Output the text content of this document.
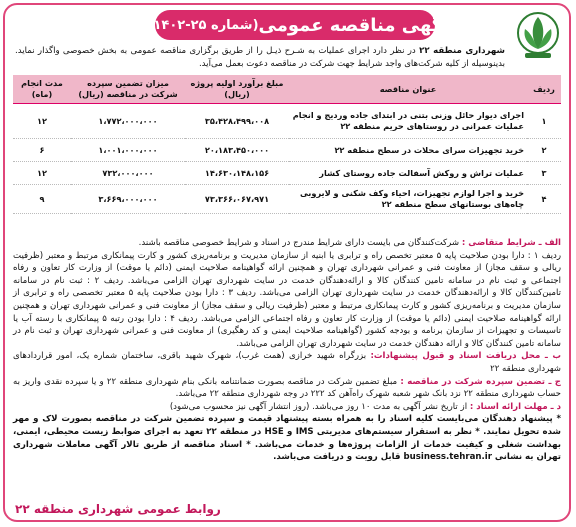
آگهی مناقصه عمومی
(شماره ۲۵-۱۴۰۲)
شهرداری منطقه ۲۲ در نظر دارد اجرای عملیات به شـرح ذیـل را از طریق برگزاری مناقصه عمومی به بخش خصوصی واگذار نماید. بدینوسیله از کلیه شرکت‌های واجد شرایط جهت شرکت در مناقصه دعوت بعمل می‌آید.
ردیف	عنوان مناقصه	مبلغ برآورد اولیه پروژه (ریال)	میزان تضمین سپرده شرکت در مناقصه (ریال)	مدت انجام (ماه)
۱	اجرای دیوار حائل وزنی بتنی در ابتدای جاده وردیج و انجام عملیات عمرانی در روستاهای حریم منطقه ۲۲	۳۵،۴۲۸،۴۹۹،۰۰۸	۱،۷۷۲،۰۰۰،۰۰۰	۱۲
۲	خرید تجهیزات سرای محلات در سطح منطقه ۲۲	۲۰،۱۸۳،۴۵۰،۰۰۰	۱،۰۰۱،۰۰۰،۰۰۰	۶
۳	عملیات تراش و روکش آسفالت جاده روستای کشار	۱۴،۶۳۰،۱۴۸،۱۵۶	۷۳۲،۰۰۰،۰۰۰	۱۲
۴	خرید و اجرا لوازم تجهیزات، احیاء وکف شکنی و لایروبی چاه‌های بوستانهای سطح منطقه ۲۲	۷۳،۳۶۶،۰۶۷،۹۷۱	۳،۶۶۹،۰۰۰،۰۰۰	۹
الف ـ شرایط متقاضی : شرکت‌کنندگان می بایست دارای شرایط مندرج در اسناد و شرایط خصوصی مناقصه باشند.
ردیف ۱ : دارا بودن صلاحیت پایه ۵ معتبر تخصص راه و ترابری یا ابنیه از سازمان مدیریت و برنامه‌ریزی کشور و کارت پیمانکاری مرتبط و معتبر (ظرفیت ریالی و سقف مجاز) از معاونت فنی و عمرانی شهرداری تهران و همچنین ارائه گواهینامه صلاحیت ایمنی (دائم یا موقت) از وزارت کار تعاون و رفاه اجتماعی و ثبت نام در سامانه تامین کنندگان کالا و ارائه‌دهندگان خدمت در سایت شهرداری تهران الزامی می‌باشد. ردیف ۲ : ثبت نام در سامانه تامین‌کنندگان کالا و ارائه‌دهندگان خدمت در سایت شهرداری تهران الزامی می‌باشد. ردیف ۳ : دارا بودن صلاحیت پایه ۵ معتبر تخصصی راه و ترابری از سازمان مدیریت و برنامه‌ریزی کشور و کارت پیمانکاری مرتبط و معتبر (ظرفیت ریالی و سقف مجاز) از معاونت فنی و عمرانی شهرداری تهران و همچنین ارائه گواهینامه صلاحیت ایمنی (دائم یا موقت) از وزارت کار تعاون و رفاه اجتماعی الزامی می‌باشد. ردیف ۴ : دارا بودن رتبه ۵ پیمانکاری با رسته آب یا تاسیسات و تجهیزات از سازمان برنامه و بودجه کشور (گواهینامه صلاحیت ایمنی و کد رهگیری) از معاونت فنی و عمرانی شهرداری تهران و ثبت نام در سامانه تامین کنندگان کالا و ارائه دهندگان خدمت در سایت شهرداری تهران الزامی می‌باشد.
ب ـ محل دریافت اسناد و قبول پیشنهادات: بزرگراه شهید خرازی (همت غرب)، شهرک شهید باقری، ساختمان شماره یک، امور قراردادهای شهرداری منطقه ۲۲
ج ـ تضمین سپرده شرکت در مناقصه : مبلغ تضمین شرکت در مناقصه بصورت ضمانتنامه بانکی بنام شهرداری منطقه ۲۲ و یا سپرده نقدی واریز به حساب شهرداری منطقه ۲۲ نزد بانک شهر شعبه شهرک راه‌آهن کد ۲۲۲ در وجه شهرداری منطقه ۲۲ می‌باشد.
د ـ مهلت ارائه اسناد : از تاریخ نشر آگهی به مدت ۱۰ روز می‌باشد. (روز انتشار آگهی نیز محسوب می‌شود)
* پیشنهاد دهندگان می‌بایست کلیه اسناد را به همراه بسته پیشنهاد قیمت و سپرده تضمین شرکت در مناقصه بصورت لاک و مهر شده تحویل نمایند. * نظر به استقرار سیستم‌های مدیریتی IMS و HSE در منطقه ۲۲ تعهد به اجرای ضوابط زیست محیطی، ایمنی، بهداشت شغلی و کیفیت خدمات از الزامات پروژه‌ها و خدمات می‌باشد. * اسناد مناقصه از طریق تالار آگهی معاملات شهرداری تهران به نشانی business.tehran.ir قابل رویت و دریافت می‌باشد.
روابط عمومی شهرداری منطقه ۲۲
